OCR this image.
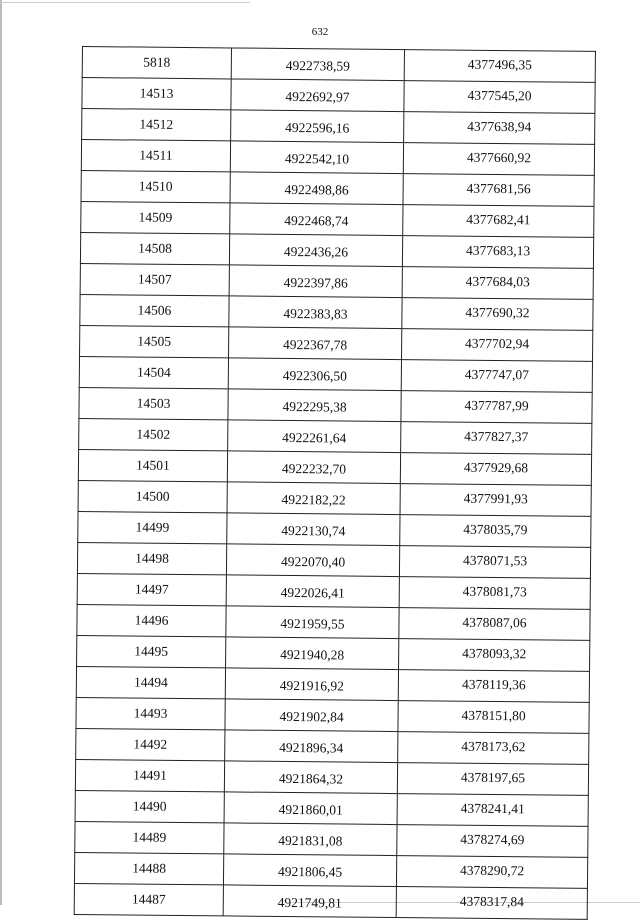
632
5818	4922738,59	4377496,35
14513	4922692,97	4377545,20
14512	4922596,16	4377638,94
14511	4922542,10	4377660,92
14510	4922498,86	4377681,56
14509	4922468,74	4377682,41
14508	4922436,26	4377683,13
14507	4922397,86	4377684,03
14506	4922383,83	4377690,32
14505	4922367,78	4377702,94
14504	4922306,50	4377747,07
14503	4922295,38	4377787,99
14502	4922261,64	4377827,37
14501	4922232,70	4377929,68
14500	4922182,22	4377991,93
14499	4922130,74	4378035,79
14498	4922070,40	4378071,53
14497	4922026,41	4378081,73
14496	4921959,55	4378087,06
14495	4921940,28	4378093,32
14494	4921916,92	4378119,36
14493	4921902,84	4378151,80
14492	4921896,34	4378173,62
14491	4921864,32	4378197,65
14490	4921860,01	4378241,41
14489	4921831,08	4378274,69
14488	4921806,45	4378290,72
14487	4921749,81	4378317,84
